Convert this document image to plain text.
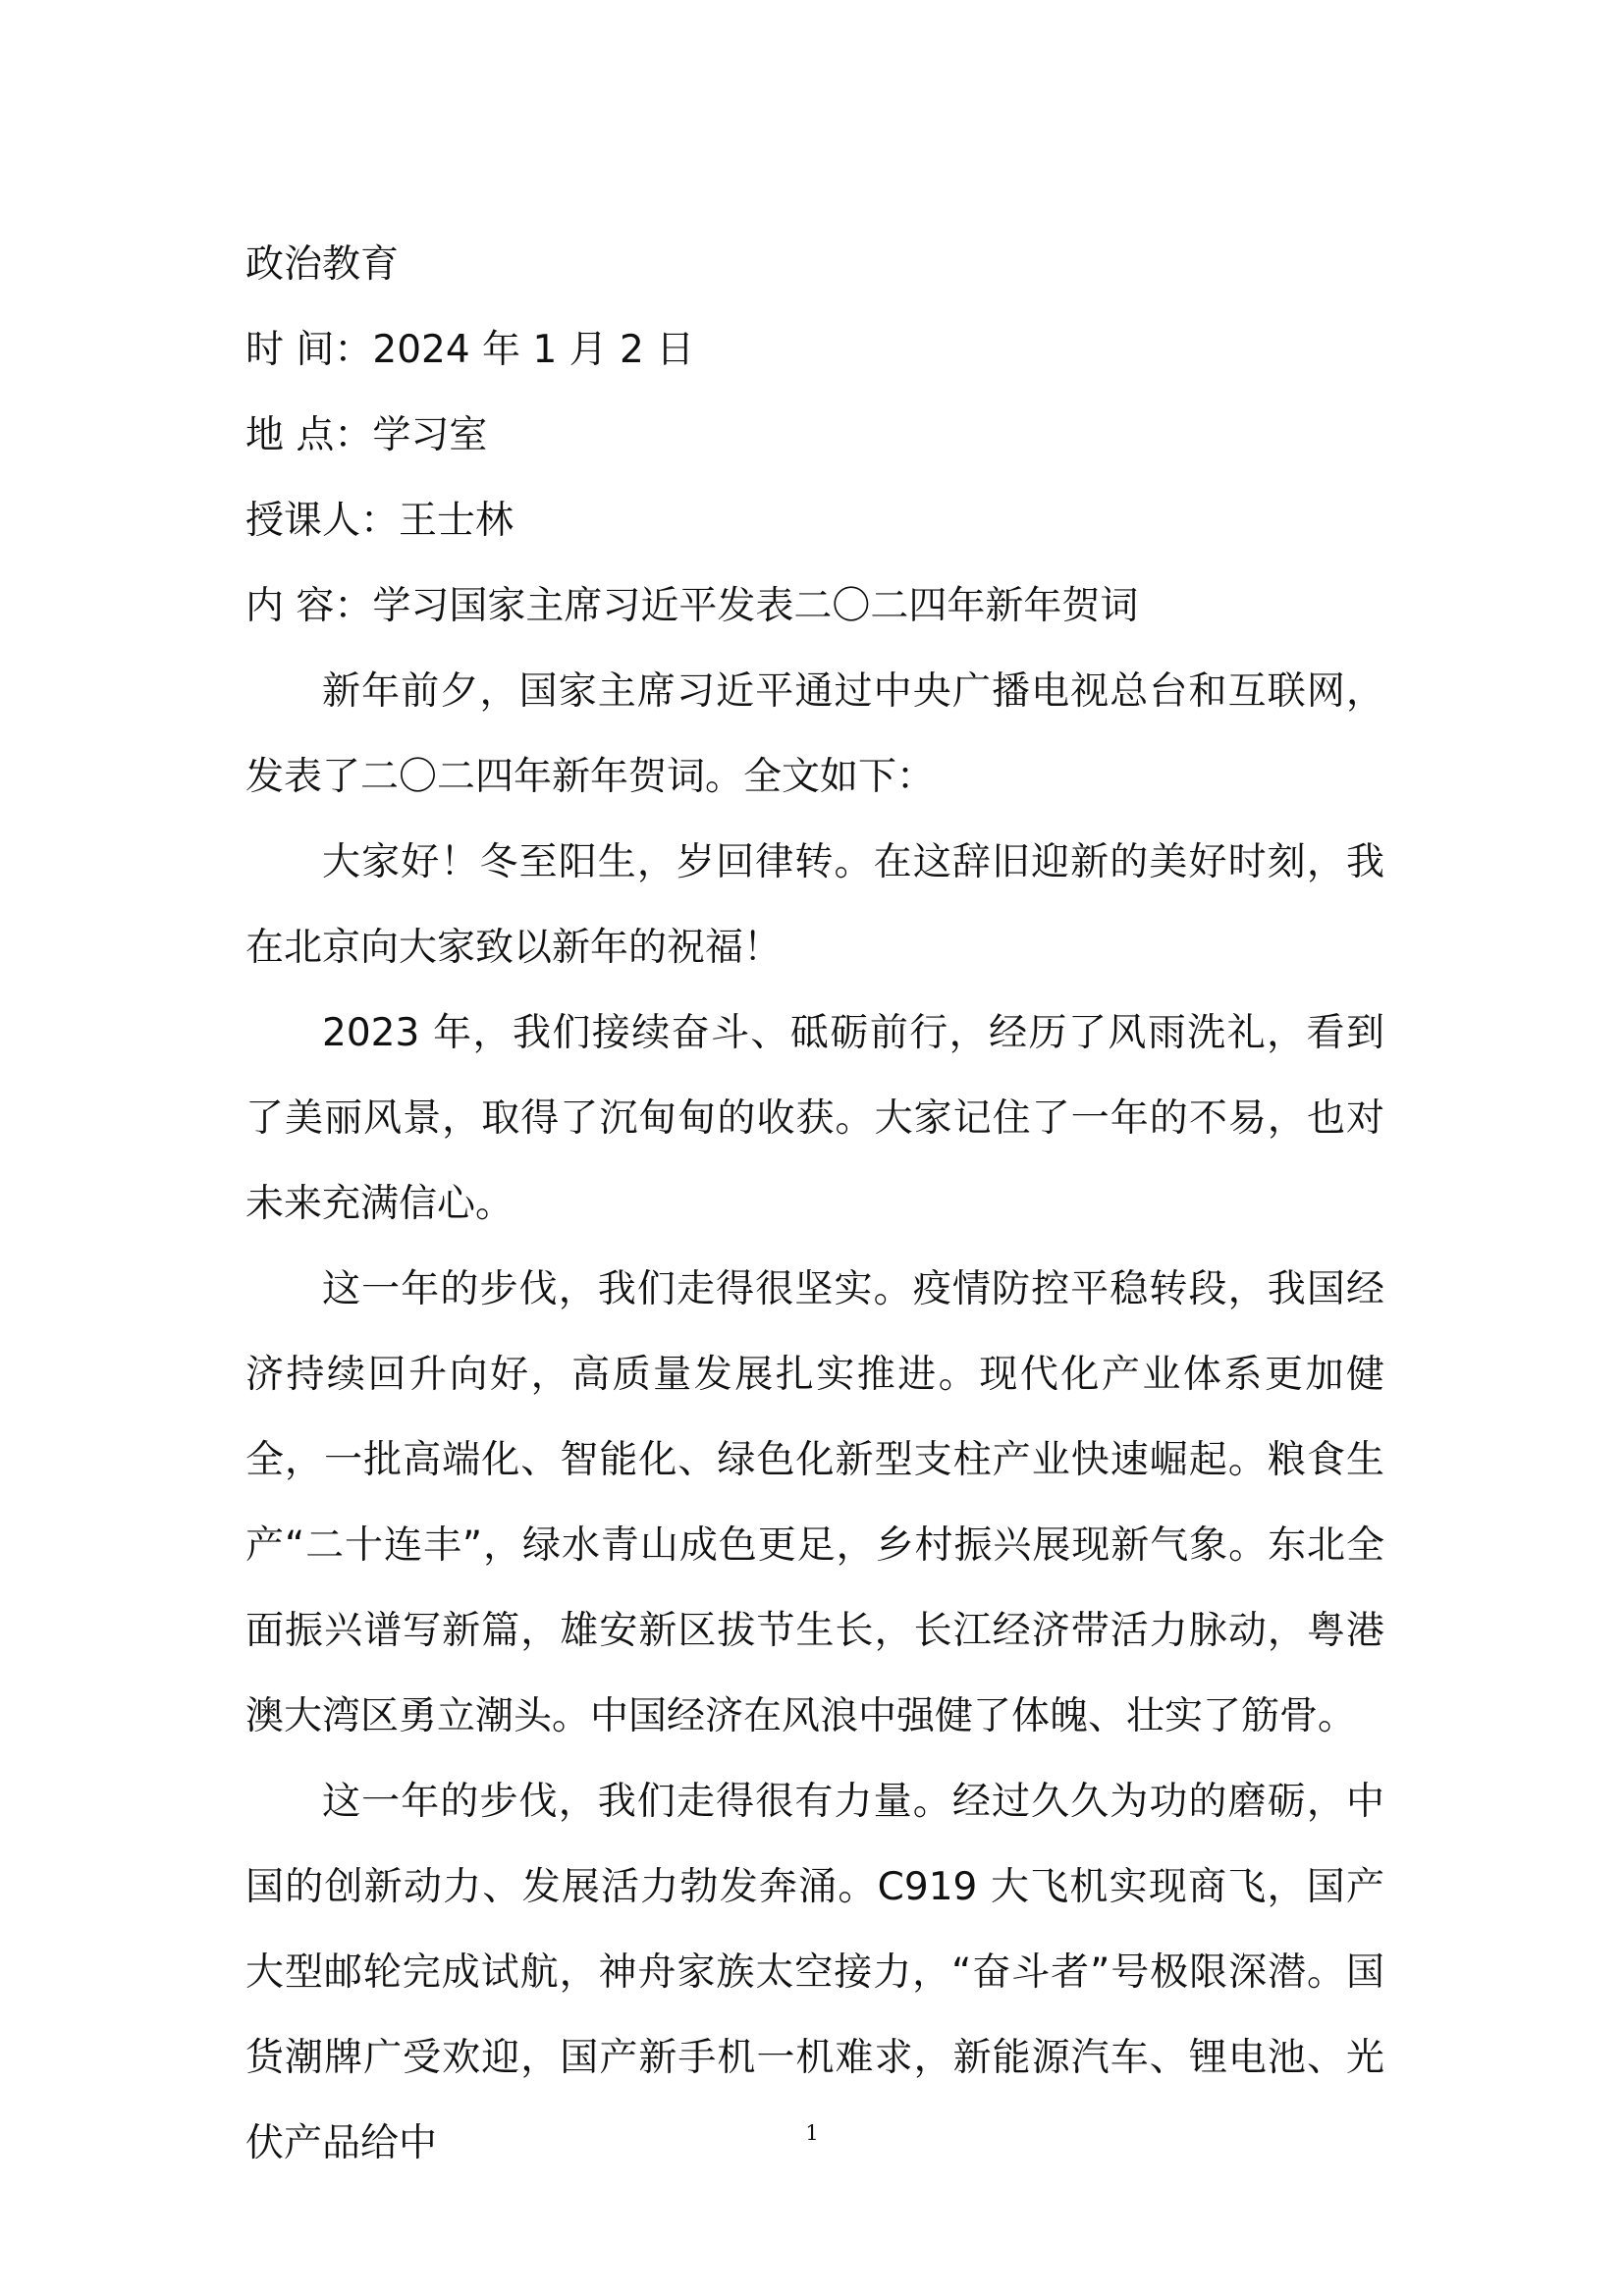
政治教育

时 间：2024 年 1 月 2 日

地 点：学习室

授课人：王士林

内 容：学习国家主席习近平发表二〇二四年新年贺词

新年前夕，国家主席习近平通过中央广播电视总台和互联网，发表了二〇二四年新年贺词。全文如下：

大家好！冬至阳生，岁回律转。在这辞旧迎新的美好时刻，我在北京向大家致以新年的祝福！

2023 年，我们接续奋斗、砥砺前行，经历了风雨洗礼，看到了美丽风景，取得了沉甸甸的收获。大家记住了一年的不易，也对未来充满信心。

这一年的步伐，我们走得很坚实。疫情防控平稳转段，我国经济持续回升向好，高质量发展扎实推进。现代化产业体系更加健全，一批高端化、智能化、绿色化新型支柱产业快速崛起。粮食生产“二十连丰”，绿水青山成色更足，乡村振兴展现新气象。东北全面振兴谱写新篇，雄安新区拔节生长，长江经济带活力脉动，粤港澳大湾区勇立潮头。中国经济在风浪中强健了体魄、壮实了筋骨。

这一年的步伐，我们走得很有力量。经过久久为功的磨砺，中国的创新动力、发展活力勃发奔涌。C919 大飞机实现商飞，国产大型邮轮完成试航，神舟家族太空接力，“奋斗者”号极限深潜。国货潮牌广受欢迎，国产新手机一机难求，新能源汽车、锂电池、光伏产品给中	1
